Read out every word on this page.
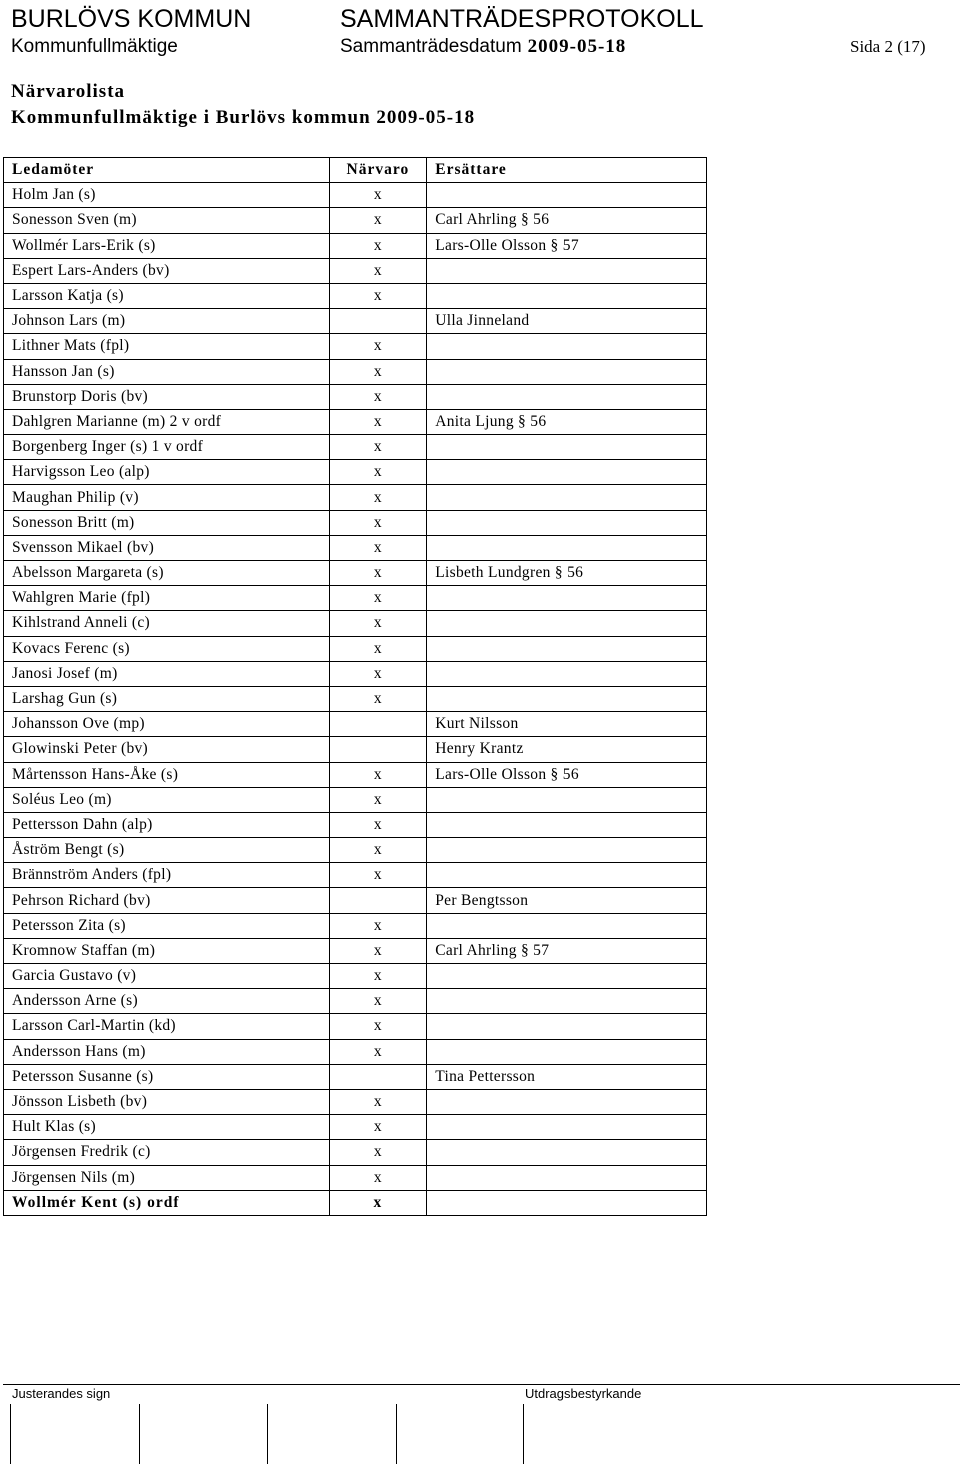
BURLÖVS KOMMUN	SAMMANTRÄDESPROTOKOLL
Kommunfullmäktige	Sammanträdesdatum 2009-05-18	Sida 2 (17)
Närvarolista
Kommunfullmäktige i Burlövs kommun 2009-05-18
Ledamöter	Närvaro	Ersättare
Holm Jan (s)	x	
Sonesson Sven (m)	x	Carl Ahrling § 56
Wollmér Lars-Erik (s)	x	Lars-Olle Olsson § 57
Espert Lars-Anders (bv)	x	
Larsson Katja (s)	x	
Johnson Lars (m)		Ulla Jinneland
Lithner Mats (fpl)	x	
Hansson Jan (s)	x	
Brunstorp Doris (bv)	x	
Dahlgren Marianne (m) 2 v ordf	x	Anita Ljung § 56
Borgenberg Inger (s) 1 v ordf	x	
Harvigsson Leo (alp)	x	
Maughan Philip (v)	x	
Sonesson Britt (m)	x	
Svensson Mikael (bv)	x	
Abelsson Margareta (s)	x	Lisbeth Lundgren § 56
Wahlgren Marie (fpl)	x	
Kihlstrand Anneli (c)	x	
Kovacs Ferenc (s)	x	
Janosi Josef (m)	x	
Larshag Gun (s)	x	
Johansson Ove (mp)		Kurt Nilsson
Glowinski Peter (bv)		Henry Krantz
Mårtensson Hans-Åke (s)	x	Lars-Olle Olsson § 56
Soléus Leo (m)	x	
Pettersson Dahn (alp)	x	
Åström Bengt (s)	x	
Brännström Anders (fpl)	x	
Pehrson Richard (bv)		Per Bengtsson
Petersson Zita (s)	x	
Kromnow Staffan (m)	x	Carl Ahrling § 57
Garcia Gustavo (v)	x	
Andersson Arne (s)	x	
Larsson Carl-Martin (kd)	x	
Andersson Hans (m)	x	
Petersson Susanne (s)		Tina Pettersson
Jönsson Lisbeth (bv)	x	
Hult Klas (s)	x	
Jörgensen Fredrik (c)	x	
Jörgensen Nils (m)	x	
Wollmér Kent (s) ordf	x	
Justerandes sign	Utdragsbestyrkande
